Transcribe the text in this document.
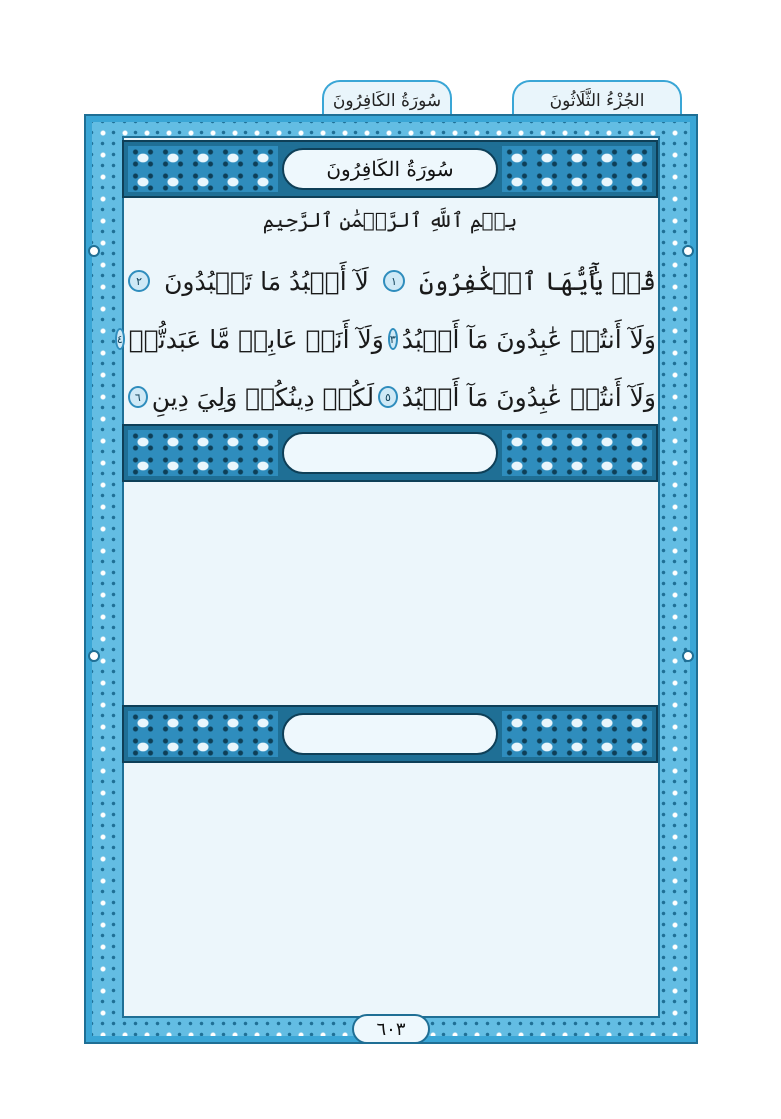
الجُزْءُ الثَّلَاثُونَ
سُورَةُ الكَافِرُونَ
سُورَةُ الكَافِرُونَ
بِسۡمِ ٱللَّهِ ٱلرَّحۡمَٰنِ ٱلرَّحِيمِ
قُلۡ يَٰٓأَيُّهَا ٱلۡكَٰفِرُونَ
١
لَآ أَعۡبُدُ مَا تَعۡبُدُونَ
٢
وَلَآ أَنتُمۡ عَٰبِدُونَ مَآ أَعۡبُدُ
٣
وَلَآ أَنَا۠ عَابِدٞ مَّا عَبَدتُّمۡ
٤
وَلَآ أَنتُمۡ عَٰبِدُونَ مَآ أَعۡبُدُ
٥
لَكُمۡ دِينُكُمۡ وَلِيَ دِينِ
٦
٦٠٣
